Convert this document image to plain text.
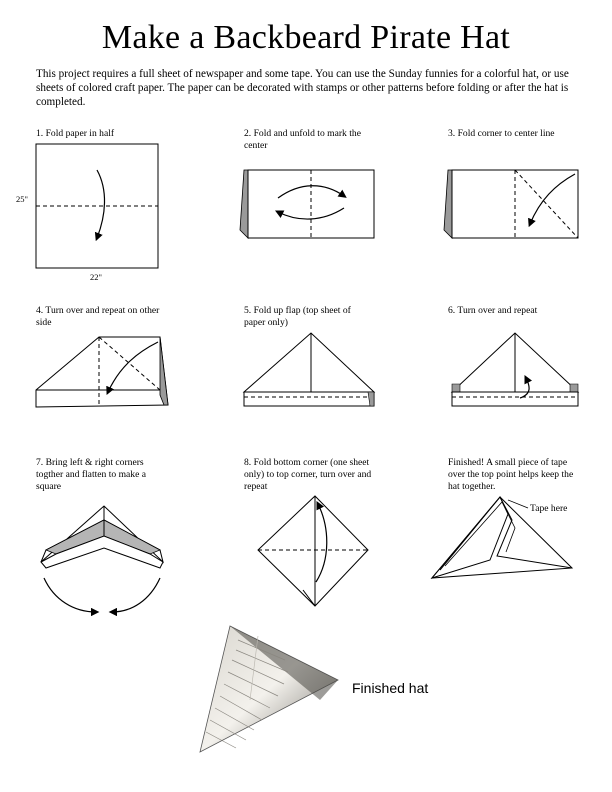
Make a Backbeard Pirate Hat
This project requires a full sheet of newspaper and some tape. You can use the Sunday funnies for a colorful hat, or use sheets of colored craft paper. The paper can be decorated with stamps or other patterns before folding or after the hat is completed.
1. Fold paper in half	2. Fold and unfold to mark the center
3. Fold corner to center line
4. Turn over and repeat on other side
5. Fold up flap (top sheet of paper only)
6. Turn over and repeat
7. Bring left & right corners togther and flatten to make a square
8. Fold bottom corner (one sheet only) to top corner, turn over and repeat
Finished! A small piece of tape over the top point helps keep the hat together.
25"
22"
Tape here
Finished hat
